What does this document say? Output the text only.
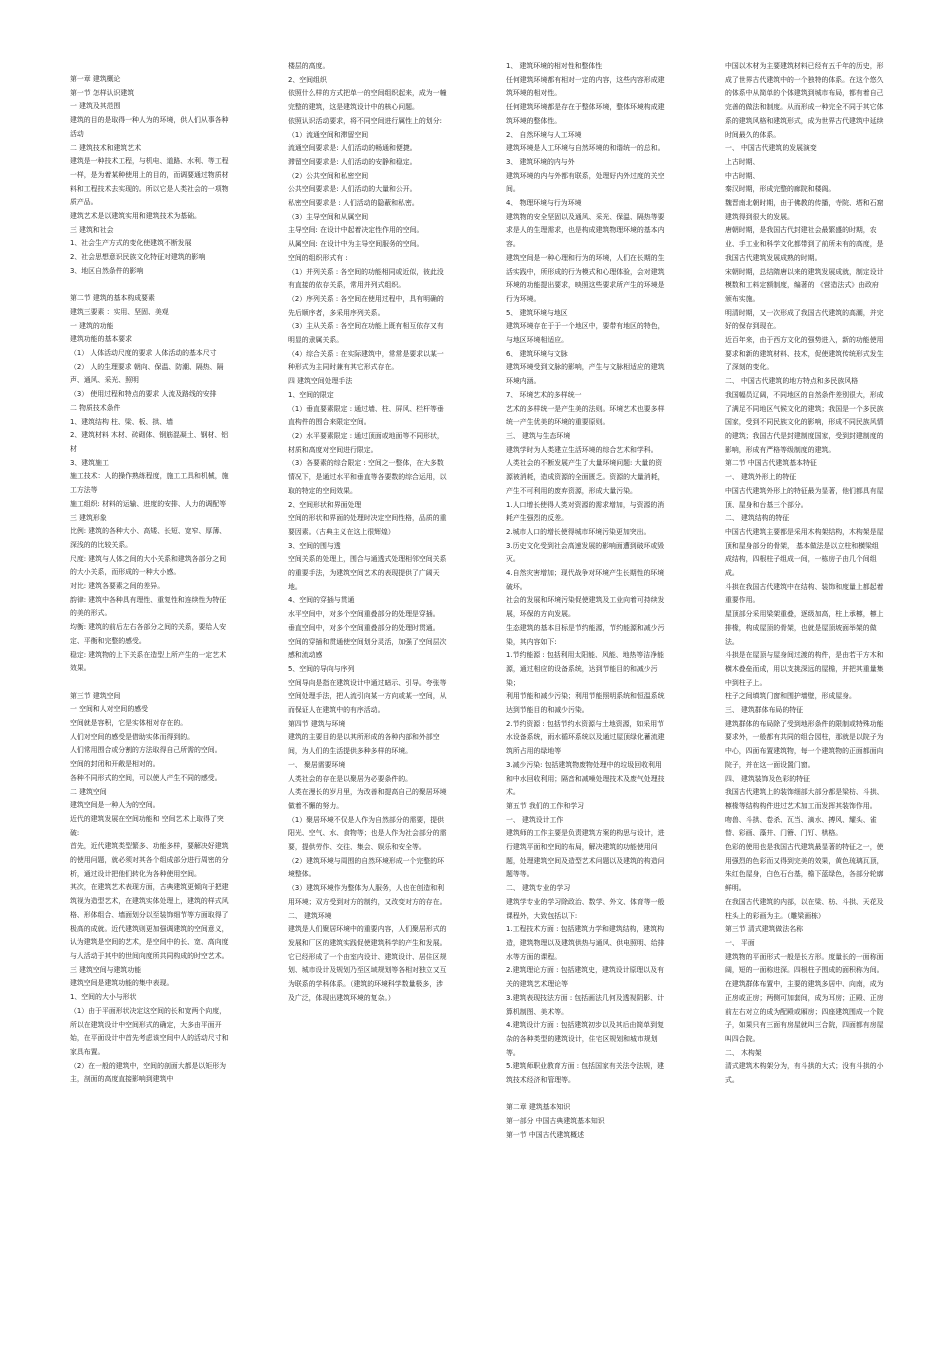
第一章 建筑概论

第一节 怎样认识建筑

一 建筑及其范围

建筑的目的是取得一种人为的环境，供人们从事各种活动

二 建筑技术和建筑艺术

建筑是一种技术工程，与机电、道路、水利、等工程一样，是为着某种使用上的目的，而调要通过物质材料和工程技术去实现的。所以它是人类社会的一项物质产品。

建筑艺术是以建筑实用和建筑技术为基础。

三 建筑和社会

1、社会生产方式的变化使建筑不断发展

2、社会思想意识民族文化特征对建筑的影响

3、地区自然条件的影响

第二节 建筑的基本构成要素

建筑三要素 ：实用、坚固、美观

一 建筑的功能

建筑功能的基本要求

（1） 人体活动尺度的要求 人体活动的基本尺寸

（2） 人的生理要求 朝向、保温、防潮、隔热、隔声、通风、采光、照明

（3） 使用过程和特点的要求 人流及路线的安排

二 物质技术条件

1、建筑结构 柱、梁、板、拱、墙

2、建筑材料 木材、砖砌体、钢筋混凝土、钢材、铝材

3、建筑施工

施工技术：人的操作熟练程度，施工工具和机械，施工方法等

施工组织: 材料的运输、进度的安排、人力的调配等

三 建筑形象

比例: 建筑的各种大小、高矮、长短、宽窄、厚薄、深浅的的比较关系。

尺度: 建筑与人体之间的大小关系和建筑各部分之间的大小关系，而形成的一种大小感。

对比: 建筑各要素之间的差异。

韵律: 建筑中各种具有理性、重复性和连续性为特征的美的形式。

均衡: 建筑的前后左右各部分之间的关系，要给人安定、平衡和完整的感受。

稳定: 建筑物的上下关系在造型上所产生的一定艺术效果。

第三节 建筑空间

一 空间和人对空间的感受

空间就是容积，它是实体相对存在的。

人们对空间的感受是借助实体而得到的。

人们常用围合或分割的方法取得自己所需的空间。

空间的封闭和开敞是相对的。

各种不同形式的空间，可以使人产生不同的感受。

二 建筑空间

建筑空间是一种人为的空间。

近代的建筑发展在空间功能和 空间艺术上取得了突破:

首先，近代建筑类型繁多、功能多样，要解决好建筑的使用问题，就必须对其各个组成部分进行周密的分析，通过设计把他们转化为各种使用空间。

其次，在建筑艺术表现方面，古典建筑更倾向于把建筑视为造型艺术，在建筑实体处理上，建筑的样式风格、形体组合、墙面划分以至装饰细节等方面取得了极高的成就。近代建筑则更加强调建筑的空间意义，认为建筑是空间的艺术，是空间中的长、宽、高向度与人活动于其中的世间向度所共同构成的时空艺术。

三 建筑空间与建筑功能

建筑空间是建筑功能的集中表现。

1、空间的大小与形状

（1）由于平面形状决定这空间的长和宽两个向度，所以在建筑设计中空间形式的确定，大多由平面开始，在平面设计中首先考虑该空间中人的活动尺寸和家具布置。

（2）在一般的建筑中，空间的剖面大都是以矩形为主，剖面的高度直接影响到建筑中

楼层的高度。

2、空间组织

依照什么样的方式把单一的空间组织起来，成为一幢完整的建筑，这是建筑设计中的核心问题。

依照认识活动要求，将不同空间进行属性上的划分:

（1）流通空间和滞留空间

流通空间要求是: 人们活动的畅通和便捷。

滞留空间要求是: 人们活动的安静和稳定。

（2）公共空间和私密空间

公共空间要求是: 人们活动的大量和公开。

私密空间要求是 : 人们活动的隐蔽和私密。

（3）主导空间和从属空间

主导空间: 在设计中起着决定性作用的空间。

从属空间: 在设计中为主导空间服务的空间。

空间的组织形式有 :

（1）并列关系 : 各空间的功能相同或近似，彼此没有直接的依存关系，常用并列式组织。

（2）序列关系 : 各空间在使用过程中，具有明确的先后顺序者，多采用序列关系。

（3）主从关系 : 各空间在功能上既有相互依存又有明显的隶属关系。

（4）综合关系 : 在实际建筑中，常常是要求以某一种形式为主同时兼有其它形式存在。

四 建筑空间处理手法

1、空间的限定

（1）垂直要素限定 : 通过墙、柱、屏风、栏杆等垂直构件的围合来限定空间。

（2）水平要素限定 : 通过顶面或地面等不同形状，材质和高度对空间进行限定。

（3）各要素的综合限定 : 空间之一整体，在大多数情况下，是通过水平和垂直等各要数的综合运用，以取的特定的空间效果。

2、空间形状和界面处理

空间的形状和界面的处理时决定空间性格，品质的重要因素。（古典主义在这上很辉煌）

3、空间的围与透

空间关系的处理上，围合与通透式处理相邻空间关系的重要手法，为建筑空间艺术的表现提供了广阔天地。

4、空间的穿插与贯通

水平空间中，对多个空间重叠部分的处理是穿插。

垂直空间中，对多个空间重叠部分的处理时贯通。

空间的穿插和贯通使空间划分灵活，加强了空间层次感和流动感

5、空间的导向与序列

空间导向是指在建筑设计中通过暗示、引导。夸张等空间处理手法，把人流引向某一方向或某一空间，从而保证人在建筑中的有序活动。

第四节 建筑与环境

建筑的主要目的是以其所形成的各种内部和外部空间，为人们的生活提供多种多样的环境。

一、 聚居需要环境

人类社会的存在是以聚居为必要条件的。

人类在漫长的岁月里，为改善和提高自己的聚居环境做着不懈的努力。

（1）聚居环境不仅是人作为自然部分的需要，提供阳光、空气、水、食物等；也是人作为社会部分的需要，提供劳作、交往、集会、娱乐和安全等。

（2）建筑环境与周围的自然环境形成一个完整的环境整体。

（3）建筑环境作为整体为人服务，人也在创造和利用环境；双方受到对方的制约，又改变对方的存在。

二、 建筑环境

建筑是人们聚居环境中的重要内容，人们聚居形式的发展和厂区的建筑实践促使建筑科学的产生和发展。

它已经形成了一个由室内设计、建筑设计、居住区规划、城市设计及规划乃至区域规划等各相对独立又互为联系的学科体系。（建筑的环境科学数量极多，涉及广泛，体现出建筑环境的复杂。）

1、 建筑环境的相对性和整体性

任何建筑环境都有相对一定的内容，这些内容形成建筑环境的相对性。

任何建筑环境都是存在于整体环境，整体环境构成建筑环境的整体性。

2、 自然环境与人工环境

建筑环境是人工环境与自然环境的和谐统一的总和。

3、 建筑环境的内与外

建筑环境的内与外都有联系，处理好内外过度的关空间。

4、 物理环境与行为环境

建筑物的安全坚固以及通风、采光、保温、隔热等要求是人的生理需求，也是构成建筑物理环境的基本内容。

建筑空间是一种心理和行为的环境，人们在长期的生活实践中，所形成的行为模式和心理体验，会对建筑环境的功能提出要求，映照这些要求所产生的环境是行为环境。

5、 建筑环境与地区

建筑环境存在于于一个地区中，要带有地区的特色，与地区环境相适应。

6、 建筑环境与文脉

建筑环境受到文脉的影响，产生与文脉相适应的建筑环境内涵。

7、 环境艺术的多样统一

艺术的多样统一是产生美的法则。环境艺术也要多样统一产生优美的环境的重要原则。

三、 建筑与生态环境

建筑学时为人类建立生活环境的综合艺术和学科。

人类社会的不断发展产生了大量环境问题: 大量的资源被消耗，造成资源的全面匮乏。资源的大量消耗，产生不可利用的废弃资源，形成大量污染。

1.人口增长使得人类对资源的需求增加，与资源的消耗产生强烈的反差。

2.城市人口的增长使得城市环境污染更加突出。

3.历史文化受到社会高速发展的影响面遭到破坏或毁灭。

4.自然灾害增加；现代战争对环境产生长期性的环境破坏。

社会的发展和环境污染促使建筑及工业向着可持续发展，环保的方向发展。

生态建筑的基本目标是节约能源，节约能源和减少污染，其内容如下:

1.节约能源 : 包括利用太阳能、风能、地热等洁净能源，通过相应的设备系统，达到节能目的和减少污染；

利用节能和减少污染；利用节能照明系统和恒温系统达到节能目的和减少污染。

2.节约资源 : 包括节约水资源与土地资源，如采用节水设备系统，雨水循环系统以及通过屋顶绿化蓄流建

筑所占用的绿地等

3.减少污染: 包括建筑物废物处理中的垃圾回收利用和中水回收利用；隔音和减噪处理技术及废气处理技术。

第五节 我们的工作和学习

一、 建筑设计工作

建筑师的工作主要是负责建筑方案的构思与设计，进行建筑平面和空间的布局，解决建筑的功能使用问题，处理建筑空间及造型艺术问题以及建筑的构造问题等等。

二、 建筑专业的学习

建筑学专业的学习除政治、数学、外文、体育等一般课程外，大致包括以下:

1.工程技术方面 : 包括建筑力学和建筑结构，建筑构造，建筑物理以及建筑供热与通风、供电照明、给排水等方面的课程。

2.建筑理论方面 : 包括建筑史，建筑设计原理以及有关的建筑艺术理论等

3.建筑表现技法方面 : 包括画法几何及透视阴影、计算机制图、美术等。

4.建筑设计方面 : 包括建筑初步以及其后由简单到复杂的各种类型的建筑设计，住宅区规划和城市规划等。

5.建筑师职业教育方面 : 包括国家有关法令法规，建筑技术经济和管理等。

第二章 建筑基本知识

第一部分 中国古典建筑基本知识

第一节 中国古代建筑概述

中国以木材为主要建筑材料已经有五千年的历史，形成了世界古代建筑中的一个独特的体系。在这个悠久的体系中从简单的个体建筑到城市布局，都有着自己完善的做法和制度。从而形成一种完全不同于其它体系的建筑风格和建筑形式，成为世界古代建筑中延续时间最久的体系。

一、 中国古代建筑的发展演变

上古时期、

中古时期、

秦汉时期，形成完整的廊院和楼阁。

魏晋南北朝时期，由于佛教的传播，寺院、塔和石窟建筑得到很大的发展。

唐朝时期，是我国古代封建社会最繁盛的时期，农业、手工业和科学文化都带到了前所未有的高度，是我国古代建筑发展成熟的时期。

宋朝时期，总结隋唐以来的建筑发展成就，制定设计模数和工料定额制度，编著的 《营造法式》由政府颁布实施。

明清时期，又一次形成了我国古代建筑的高潮，并完好的保存到现在。

近百年来，由于西方文化的强势进入，新的功能使用要求和新的建筑材料、技术，促使建筑传统形式发生了深刻的变化。

二、 中国古代建筑的地方特点和多民族风格

我国幅员辽阔，不同地区的自然条件差别很大，形成了满足不同地区气候文化的建筑；我国是一个多民族国家，受到不同民族文化的影响，形成不同民族风情的建筑；我国古代是封建制度国家，受到封建制度的影响，形成有严格等级制度的建筑。

第二节 中国古代建筑基本特征

一、 建筑外形上的特征

中国古代建筑外形上的特征最为显著，他们都具有屋顶、屋身和台基三个部分。

二、 建筑结构的特征

中国古代建筑主要都是采用木构架结构，木构架是屋顶和屋身部分的骨架， 基本做法是以立柱和横梁组成结构，四根柱子组成一间，一栋房子由几个间组成。

斗拱在我国古代建筑中在结构、装饰和度量上都起着重要作用。

屋顶部分采用梁架重叠，逐级加高，柱上承檩，檩上排椽，构成屋顶的骨架，也就是屋顶坡面举架的做法。

斗拱是在屋顶与屋身间过渡的构件，是由若干方木和横木叠垒而成，用以支挑深远的屋檐，并把其重量集中到柱子上。

柱子之间填筑门窗和围护墙壁，形成屋身。

三、 建筑群体布局的特征

建筑群体的布局除了受到地形条件的限制或特殊功能要求外，一般都有共同的组合园柱，那就是以院子为中心，四面布置建筑物，每一个建筑物的正面都面向院子，并在这一面设置门窗。

四、 建筑装饰及色彩的特征

我国古代建筑上的装饰细部大部分都是梁枋、斗拱、檩椽等结构构件进过艺术加工而发挥其装饰作用。

吻兽、斗拱、卷杀、瓦当、滴水、搏风、耀头、雀替、彩画、藻井、门簪、门钉、栱格。

色彩的使用也是我国古代建筑最显著的特征之一，使用强烈的色彩而又得到完美的效果，黄色琉璃瓦顶，朱红色屋身，白色石台基，檐下蓝绿色，各部分轮廓鲜明。

在我国古代建筑的内部，以在梁、枋、斗拱、天花及柱头上的彩画为主。（雕梁画栋）

第三节 清式建筑做法名称

一、 平面

建筑物的平面形式一般是长方形。度量长的一面称面阔，短的一面称进深。四根柱子围成的面积称为间。

在建筑群体布置中，主要的建筑多居中、向南，成为正房或正房；两侧可加套间，成为耳房；正殿、正房前左右对立的成为配殿或厢房；四座建筑围成一个院子，如果只有三面有房屋就叫三合院，四面都有房屋叫四合院。

二、 木构架

清式建筑木构架分为，有斗拱的大式；没有斗拱的小式。
